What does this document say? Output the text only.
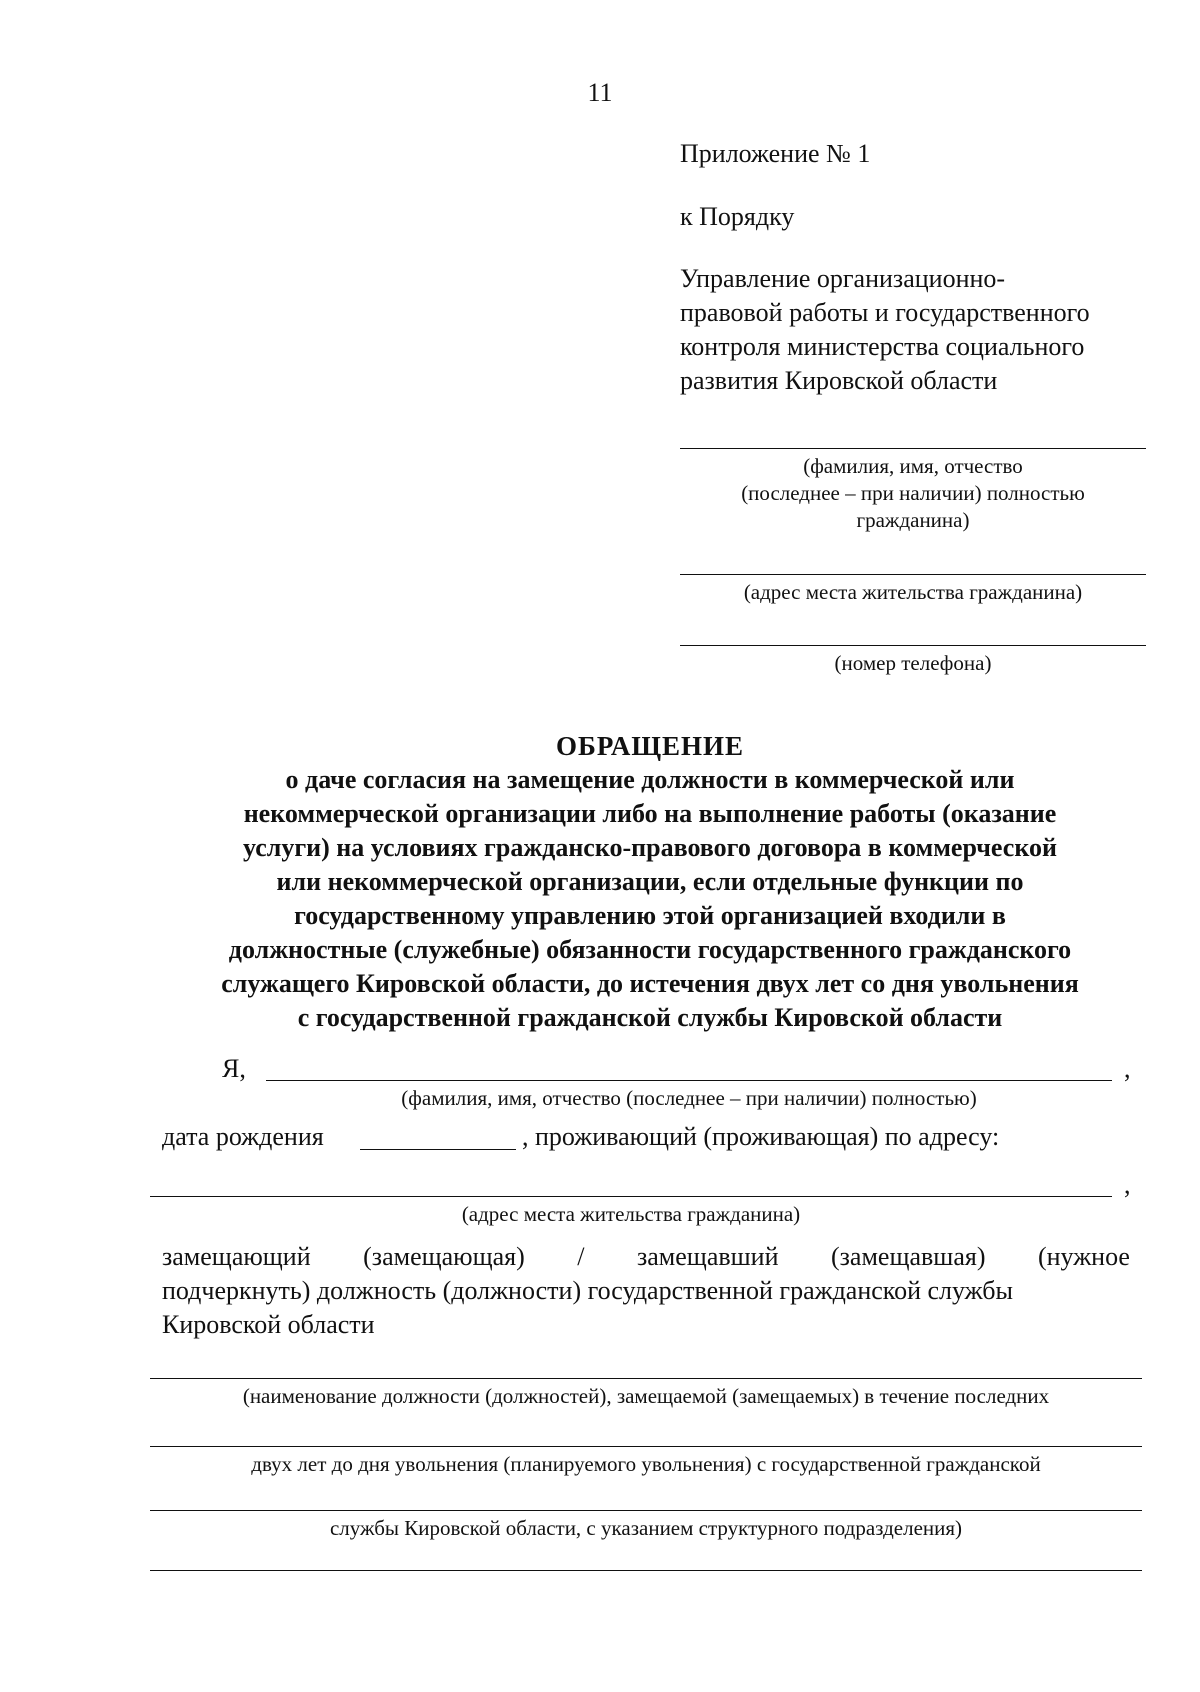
11
Приложение № 1
к Порядку
Управление организационно-
правовой работы и государственного
контроля министерства социального
развития Кировской области
(фамилия, имя, отчество
(последнее – при наличии) полностью
гражданина)
(адрес места жительства гражданина)
(номер телефона)
ОБРАЩЕНИЕ
о даче согласия на замещение должности в коммерческой или
некоммерческой организации либо на выполнение работы (оказание
услуги) на условиях гражданско-правового договора в коммерческой
или некоммерческой организации, если отдельные функции по
государственному управлению этой организацией входили в
должностные (служебные) обязанности государственного гражданского
служащего Кировской области, до истечения двух лет со дня увольнения
с государственной гражданской службы Кировской области
Я,	,
(фамилия, имя, отчество (последнее – при наличии) полностью)
дата рождения	, проживающий (проживающая) по адресу:
,
(адрес места жительства гражданина)
замещающий (замещающая) / замещавший (замещавшая) (нужное
подчеркнуть) должность (должности) государственной гражданской службы
Кировской области
(наименование должности (должностей), замещаемой (замещаемых) в течение последних
двух лет до дня увольнения (планируемого увольнения) с государственной гражданской
службы Кировской области, с указанием структурного подразделения)
